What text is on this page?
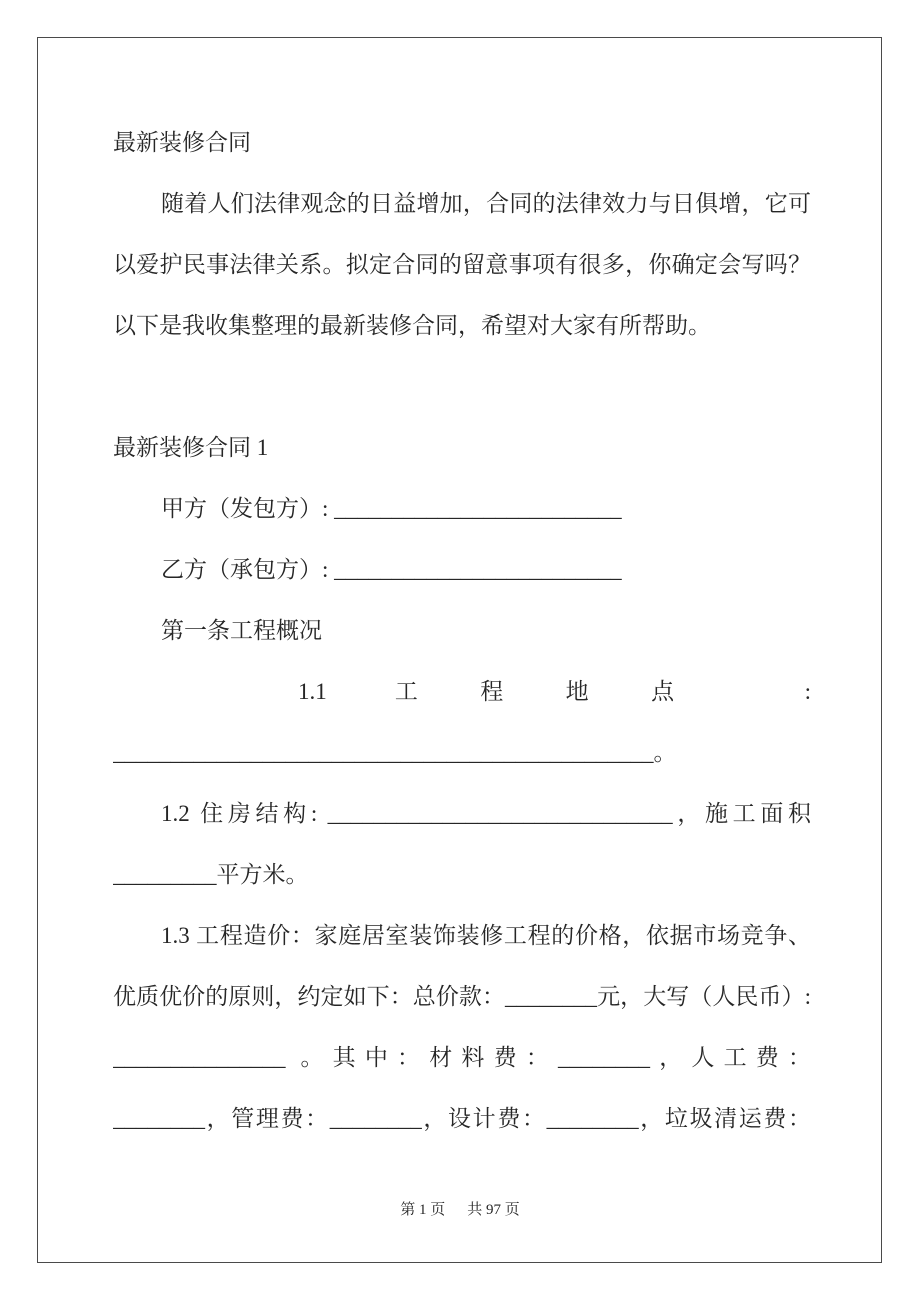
最新装修合同
随着人们法律观念的日益增加，合同的法律效力与日俱增，它可
以爱护民事法律关系。拟定合同的留意事项有很多，你确定会写吗？
以下是我收集整理的最新装修合同，希望对大家有所帮助。
最新装修合同 1
甲方（发包方）: _________________________
乙方（承包方）: _________________________
第一条工程概况
1.1 工程地点 :
_______________________________________________。
1.2 住房结构: ______________________________，施工面积
_________平方米。
1.3 工程造价：家庭居室装饰装修工程的价格，依据市场竞争、
优质优价的原则，约定如下：总价款：________元，大写（人民币）:
_______________ 。其中：材料费：________，人工费：
________，管理费：________，设计费：________，垃圾清运费：
第 1 页 共 97 页
